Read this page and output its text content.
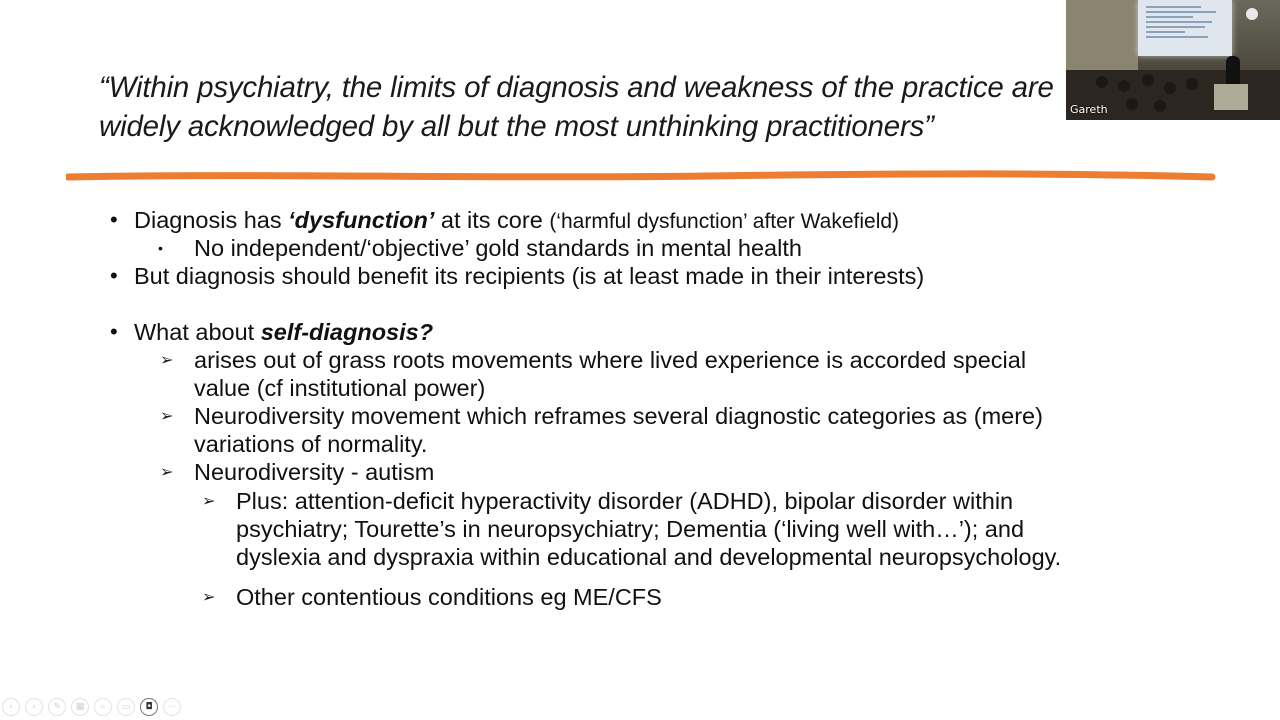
“Within psychiatry, the limits of diagnosis and weakness of the practice are
widely acknowledged by all but the most unthinking practitioners”
• Diagnosis has ‘dysfunction’ at its core (‘harmful dysfunction’ after Wakefield)
• No independent/‘objective’ gold standards in mental health
• But diagnosis should benefit its recipients (is at least made in their interests)
• What about self-diagnosis?
➢ arises out of grass roots movements where lived experience is accorded special
value (cf institutional power)
➢ Neurodiversity movement which reframes several diagnostic categories as (mere)
variations of normality.
➢ Neurodiversity - autism
➢ Plus: attention-deficit hyperactivity disorder (ADHD), bipolar disorder within
psychiatry; Tourette’s in neuropsychiatry; Dementia (‘living well with…’); and
dyslexia and dyspraxia within educational and developmental neuropsychology.
➢ Other contentious conditions eg ME/CFS
Gareth
‹	›	✎	▦	⌕	▭	◘	⋯
